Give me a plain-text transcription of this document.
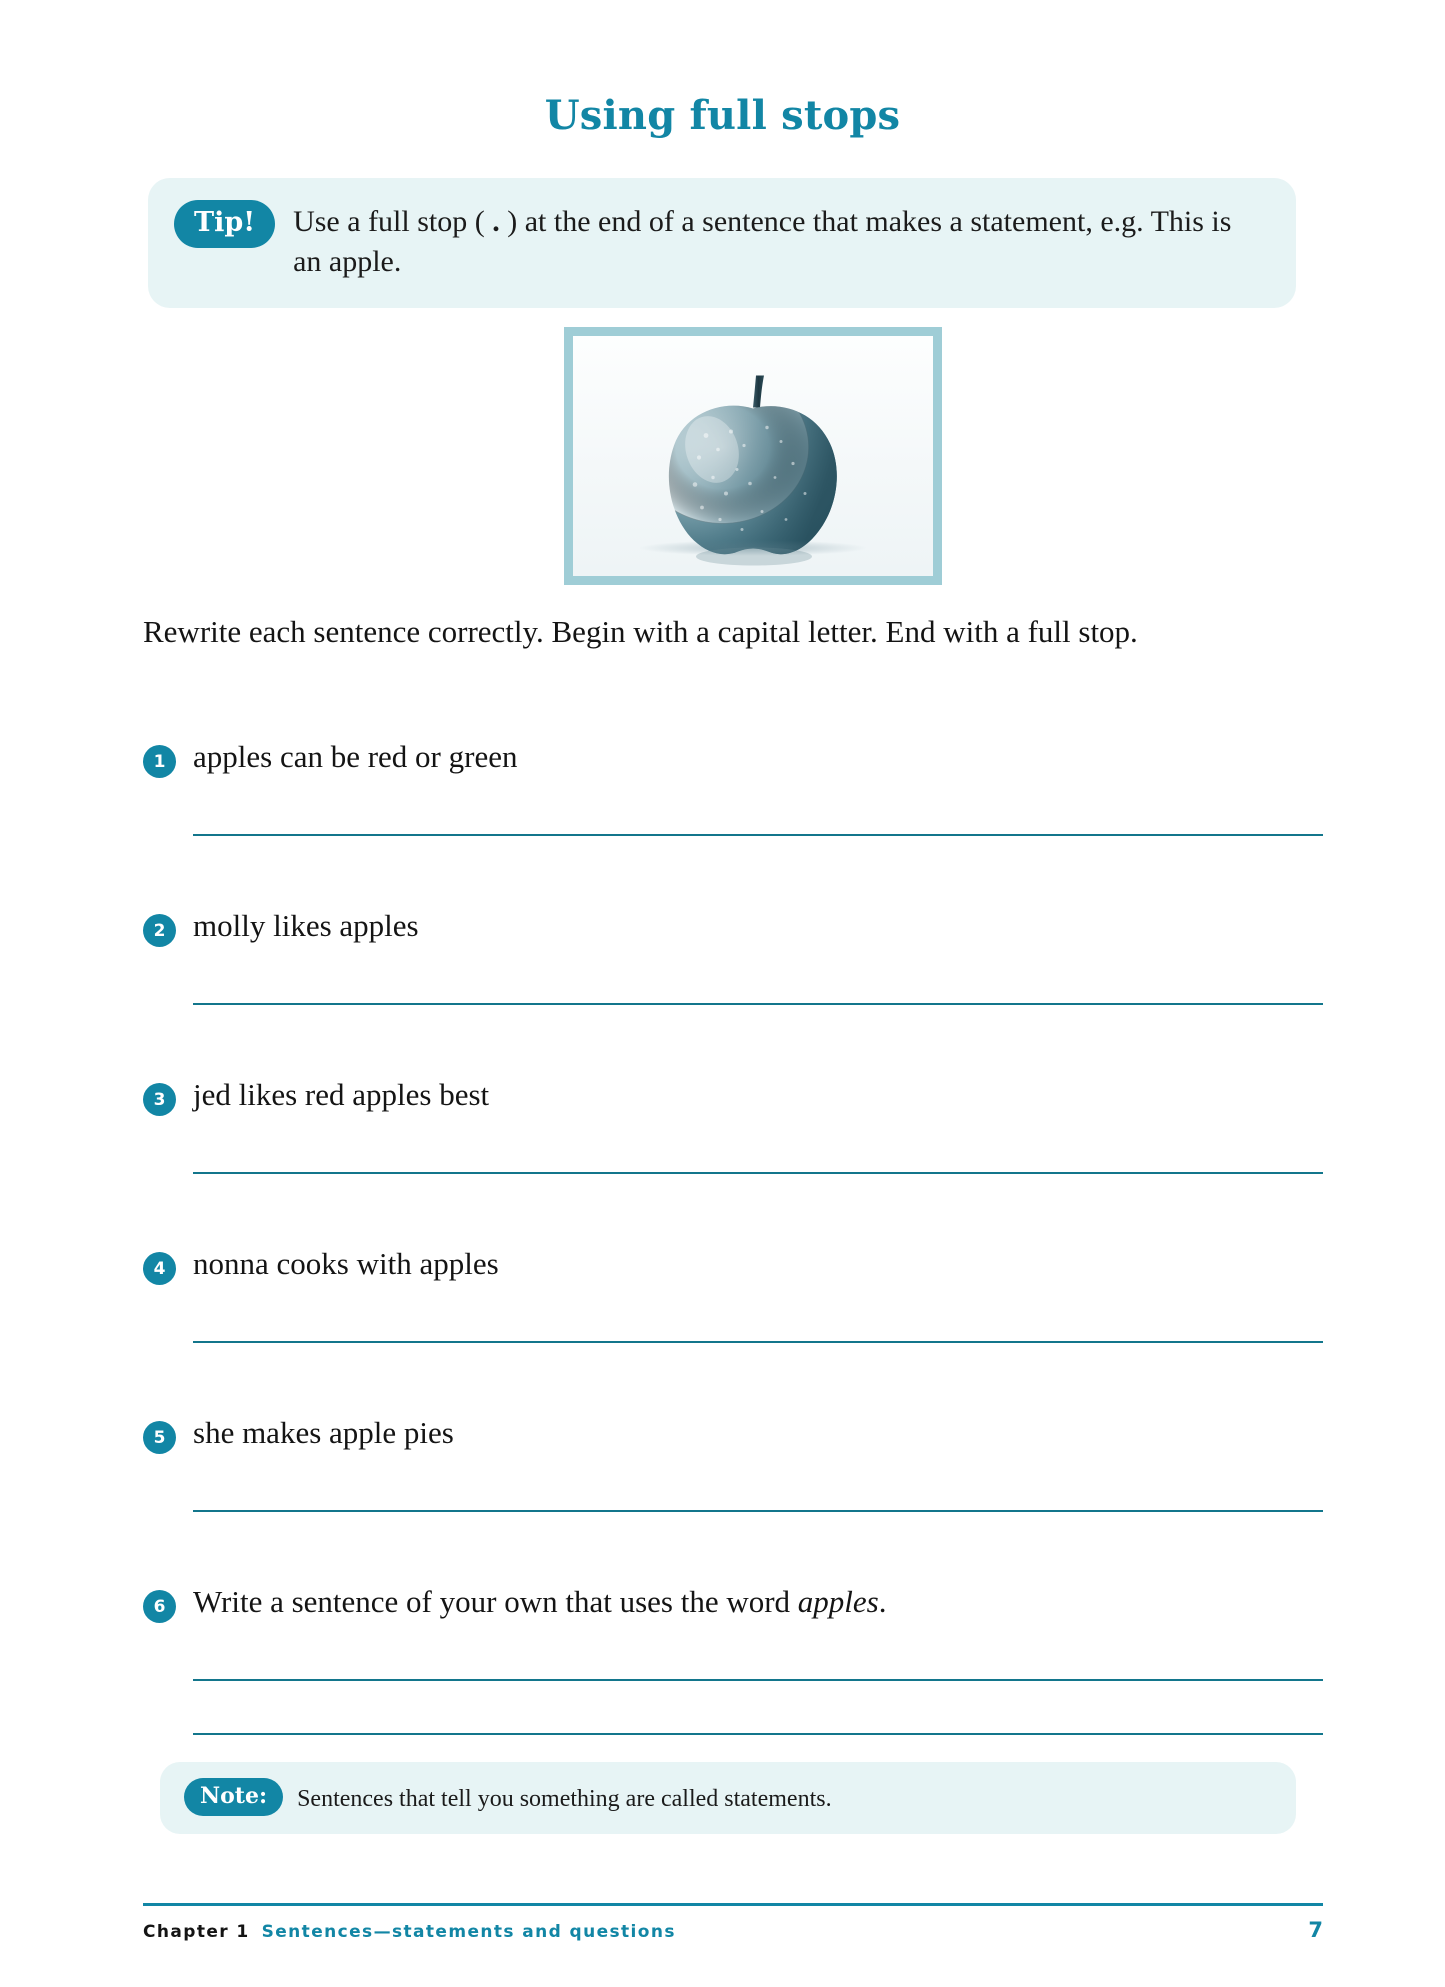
Using full stops
Tip! Use a full stop ( . ) at the end of a sentence that makes a statement, e.g. This is an apple.
Rewrite each sentence correctly. Begin with a capital letter. End with a full stop.
1 apples can be red or green
2 molly likes apples
3 jed likes red apples best
4 nonna cooks with apples
5 she makes apple pies
6 Write a sentence of your own that uses the word apples.
Note: Sentences that tell you something are called statements.
Chapter 1 Sentences—statements and questions	7
